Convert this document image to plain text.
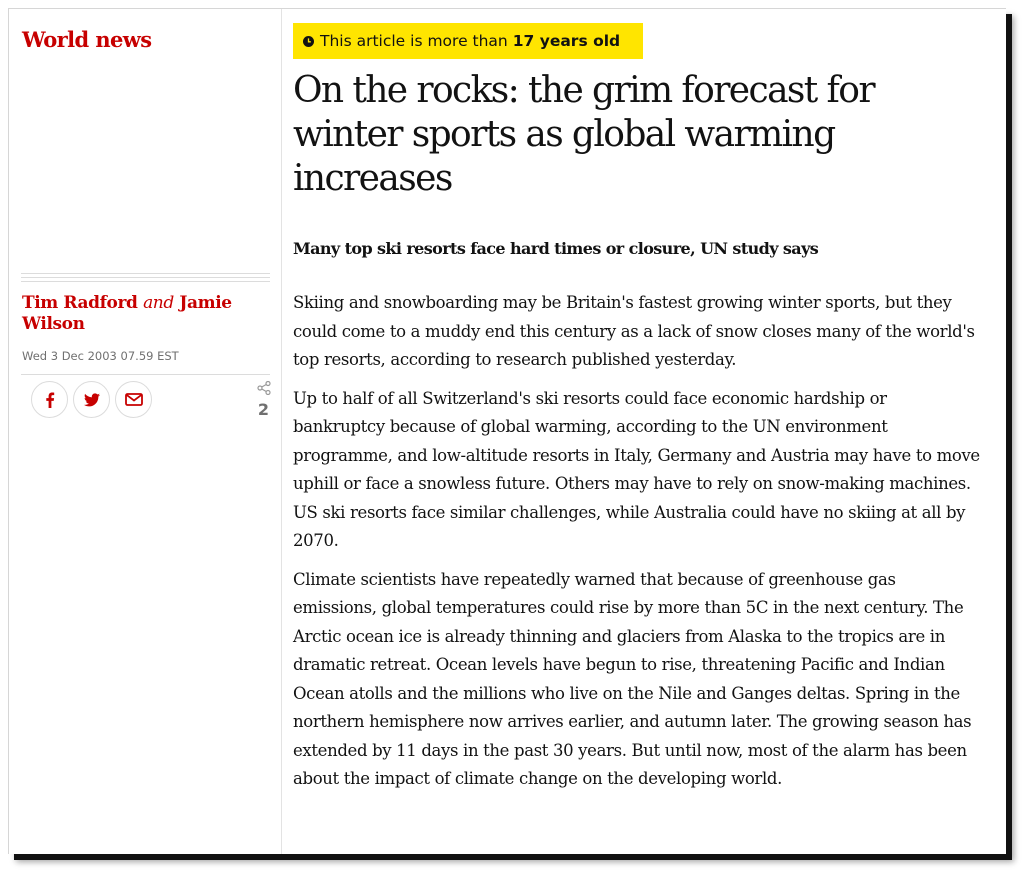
World news
Tim Radford and Jamie Wilson
Wed 3 Dec 2003 07.59 EST
2
This article is more than 17 years old
On the rocks: the grim forecast for winter sports as global warming increases
Many top ski resorts face hard times or closure, UN study says

Skiing and snowboarding may be Britain's fastest growing winter sports, but they could come to a muddy end this century as a lack of snow closes many of the world's top resorts, according to research published yesterday.

Up to half of all Switzerland's ski resorts could face economic hardship or bankruptcy because of global warming, according to the UN environment programme, and low-altitude resorts in Italy, Germany and Austria may have to move uphill or face a snowless future. Others may have to rely on snow-making machines. US ski resorts face similar challenges, while Australia could have no skiing at all by 2070.

Climate scientists have repeatedly warned that because of greenhouse gas emissions, global temperatures could rise by more than 5C in the next century. The Arctic ocean ice is already thinning and glaciers from Alaska to the tropics are in dramatic retreat. Ocean levels have begun to rise, threatening Pacific and Indian Ocean atolls and the millions who live on the Nile and Ganges deltas. Spring in the northern hemisphere now arrives earlier, and autumn later. The growing season has extended by 11 days in the past 30 years. But until now, most of the alarm has been about the impact of climate change on the developing world.
